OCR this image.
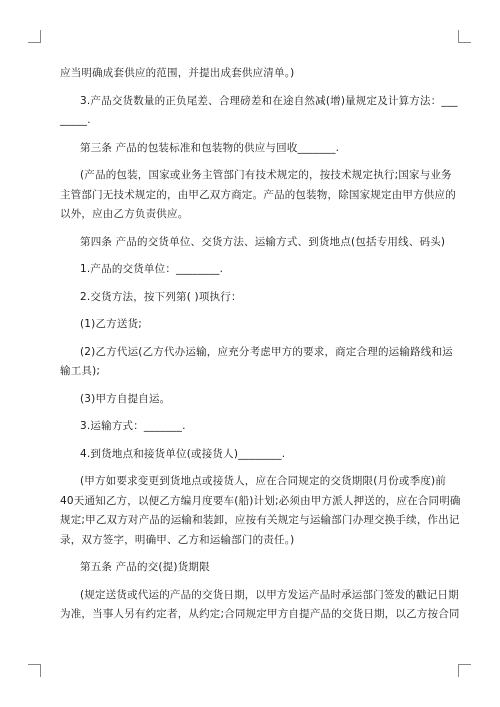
应当明确成套供应的范围，并提出成套供应清单。)
3.产品交货数量的正负尾差、合理磅差和在途自然减(增)量规定及计算方法：___
_____.
第三条 产品的包装标准和包装物的供应与回收_______.
(产品的包装，国家或业务主管部门有技术规定的，按技术规定执行;国家与业务
主管部门无技术规定的，由甲乙双方商定。产品的包装物，除国家规定由甲方供应的
以外，应由乙方负责供应。
第四条 产品的交货单位、交货方法、运输方式、到货地点(包括专用线、码头)
1.产品的交货单位：________.
2.交货方法，按下列第( )项执行：
(1)乙方送货;
(2)乙方代运(乙方代办运输，应充分考虑甲方的要求，商定合理的运输路线和运
输工具);
(3)甲方自提自运。
3.运输方式：_______.
4.到货地点和接货单位(或接货人)________.
(甲方如要求变更到货地点或接货人，应在合同规定的交货期限(月份或季度)前
40天通知乙方，以便乙方编月度要车(船)计划;必须由甲方派人押送的，应在合同明确
规定;甲乙双方对产品的运输和装卸，应按有关规定与运输部门办理交换手续，作出记
录，双方签字，明确甲、乙方和运输部门的责任。)
第五条 产品的交(提)货期限
(规定送货或代运的产品的交货日期，以甲方发运产品时承运部门签发的戳记日期
为准，当事人另有约定者，从约定;合同规定甲方自提产品的交货日期，以乙方按合同
